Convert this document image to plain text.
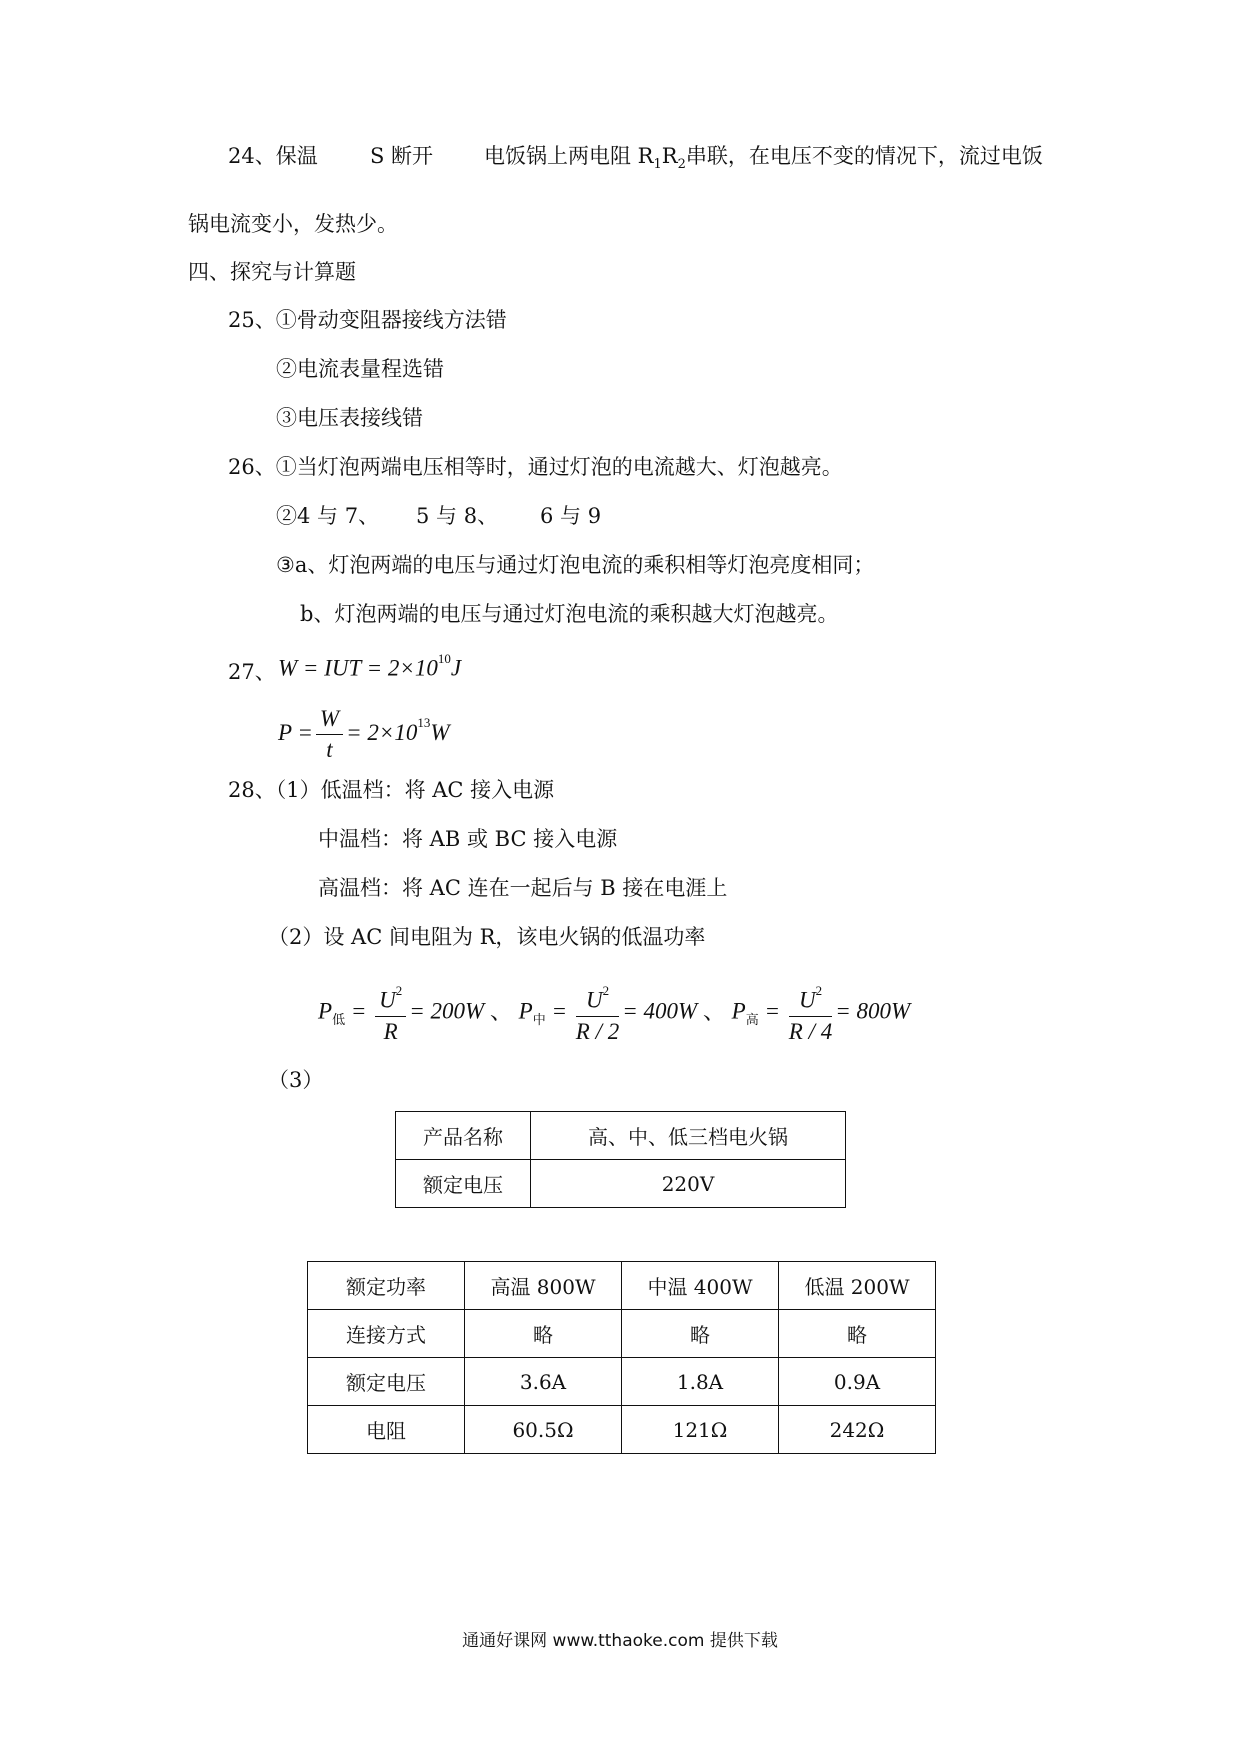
24、保温 S 断开 电饭锅上两电阻 $R_1R_2$串联，在电压不变的情况下，流过电饭
锅电流变小，发热少。
四、探究与计算题
25、①骨动变阻器接线方法错
②电流表量程选错
③电压表接线错
26、①当灯泡两端电压相等时，通过灯泡的电流越大、灯泡越亮。
②4 与 7、 5 与 8、 6 与 9
③a、灯泡两端的电压与通过灯泡电流的乘积相等灯泡亮度相同；
b、灯泡两端的电压与通过灯泡电流的乘积越大灯泡越亮。
27、 W = IUT = $2\times 10^{10}J$
$P = \frac{W}{t} = 2\times 10^{13}W$
28、（1）低温档：将 AC 接入电源
中温档：将 AB 或 BC 接入电源
高温档：将 AC 连在一起后与 B 接在电涯上
（2）设 AC 间电阻为 R，该电火锅的低温功率
$P_低 = \frac{U^2}{R} = 200W$ 、 $P_中 = \frac{U^2}{R / 2} = 400W$ 、 $P_高 = \frac{U^2}{R / 4} = 800W$
（3）
产品名称	高、中、低三档电火锅
额定电压	220V
额定功率	高温 800W	中温 400W	低温 200W
连接方式	略	略	略
额定电压	3.6A	1.8A	0.9A
电阻	60.5Ω	121Ω	242Ω
通通好课网 www.tthaoke.com 提供下载
